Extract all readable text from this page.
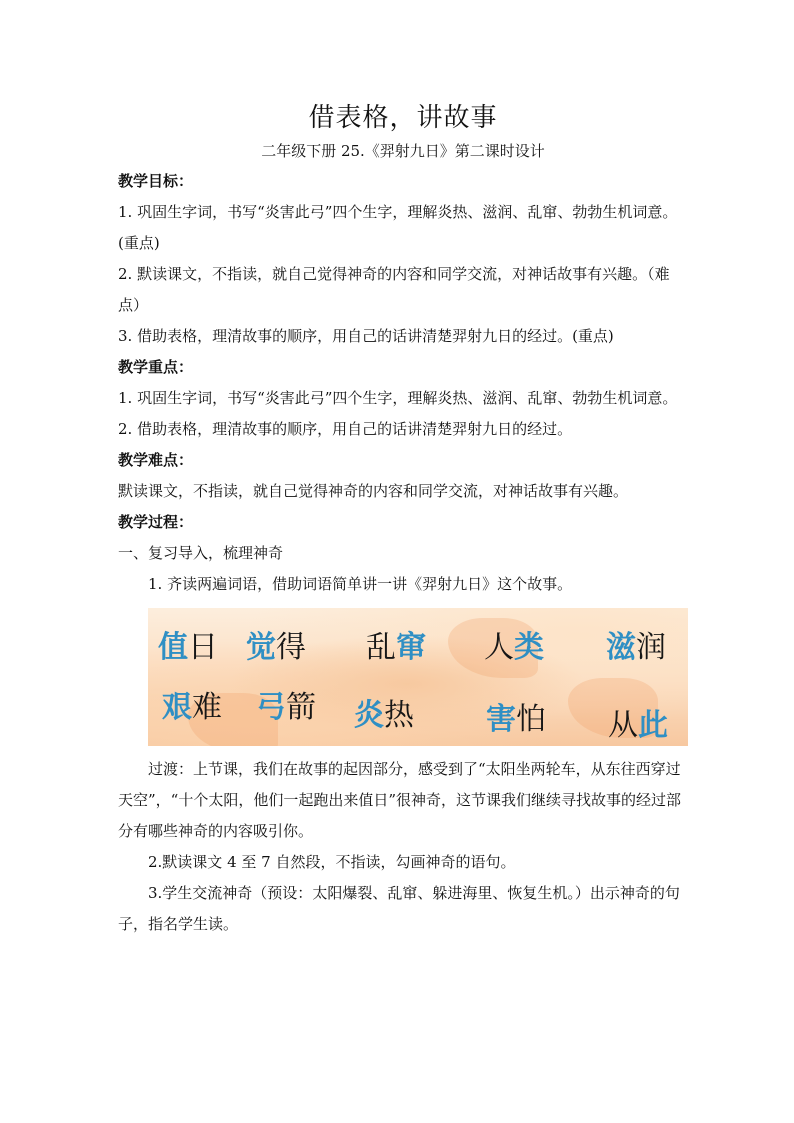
借表格，讲故事

二年级下册 25.《羿射九日》第二课时设计

教学目标：

1. 巩固生字词，书写“炎害此弓”四个生字，理解炎热、滋润、乱窜、勃勃生机词意。(重点)

2. 默读课文，不指读，就自己觉得神奇的内容和同学交流，对神话故事有兴趣。（难点）

3. 借助表格，理清故事的顺序，用自己的话讲清楚羿射九日的经过。(重点)

教学重点：

1. 巩固生字词，书写“炎害此弓”四个生字，理解炎热、滋润、乱窜、勃勃生机词意。

2. 借助表格，理清故事的顺序，用自己的话讲清楚羿射九日的经过。

教学难点：

默读课文，不指读，就自己觉得神奇的内容和同学交流，对神话故事有兴趣。

教学过程：

一、复习导入，梳理神奇

1. 齐读两遍词语，借助词语简单讲一讲《羿射九日》这个故事。

值日 觉得 乱窜 人类 滋润
艰难 弓箭 炎热 害怕 从此

过渡：上节课，我们在故事的起因部分，感受到了“太阳坐两轮车，从东往西穿过天空”，“十个太阳，他们一起跑出来值日”很神奇，这节课我们继续寻找故事的经过部分有哪些神奇的内容吸引你。

2.默读课文 4 至 7 自然段，不指读，勾画神奇的语句。

3.学生交流神奇（预设：太阳爆裂、乱窜、躲进海里、恢复生机。）出示神奇的句子，指名学生读。
